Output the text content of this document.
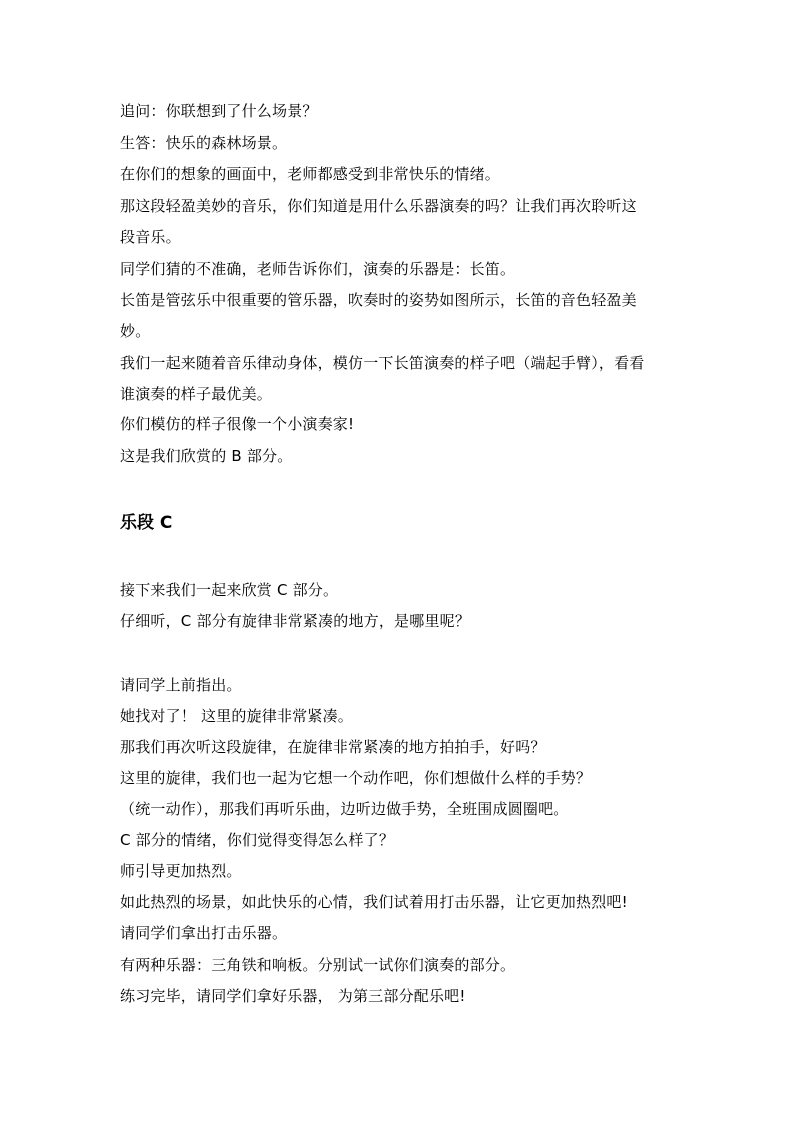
追问：你联想到了什么场景？
生答：快乐的森林场景。
在你们的想象的画面中，老师都感受到非常快乐的情绪。
那这段轻盈美妙的音乐，你们知道是用什么乐器演奏的吗？让我们再次聆听这
段音乐。
同学们猜的不准确，老师告诉你们，演奏的乐器是：长笛。
长笛是管弦乐中很重要的管乐器，吹奏时的姿势如图所示，长笛的音色轻盈美
妙。
我们一起来随着音乐律动身体，模仿一下长笛演奏的样子吧（端起手臂），看看
谁演奏的样子最优美。
你们模仿的样子很像一个小演奏家!
这是我们欣赏的 B 部分。
乐段 C
接下来我们一起来欣赏 C 部分。
仔细听，C 部分有旋律非常紧凑的地方，是哪里呢？
请同学上前指出。
她找对了！ 这里的旋律非常紧凑。
那我们再次听这段旋律，在旋律非常紧凑的地方拍拍手，好吗？
这里的旋律，我们也一起为它想一个动作吧，你们想做什么样的手势？
（统一动作），那我们再听乐曲，边听边做手势，全班围成圆圈吧。
C 部分的情绪，你们觉得变得怎么样了？
师引导更加热烈。
如此热烈的场景，如此快乐的心情，我们试着用打击乐器，让它更加热烈吧!
请同学们拿出打击乐器。
有两种乐器：三角铁和响板。分别试一试你们演奏的部分。
练习完毕，请同学们拿好乐器， 为第三部分配乐吧!
